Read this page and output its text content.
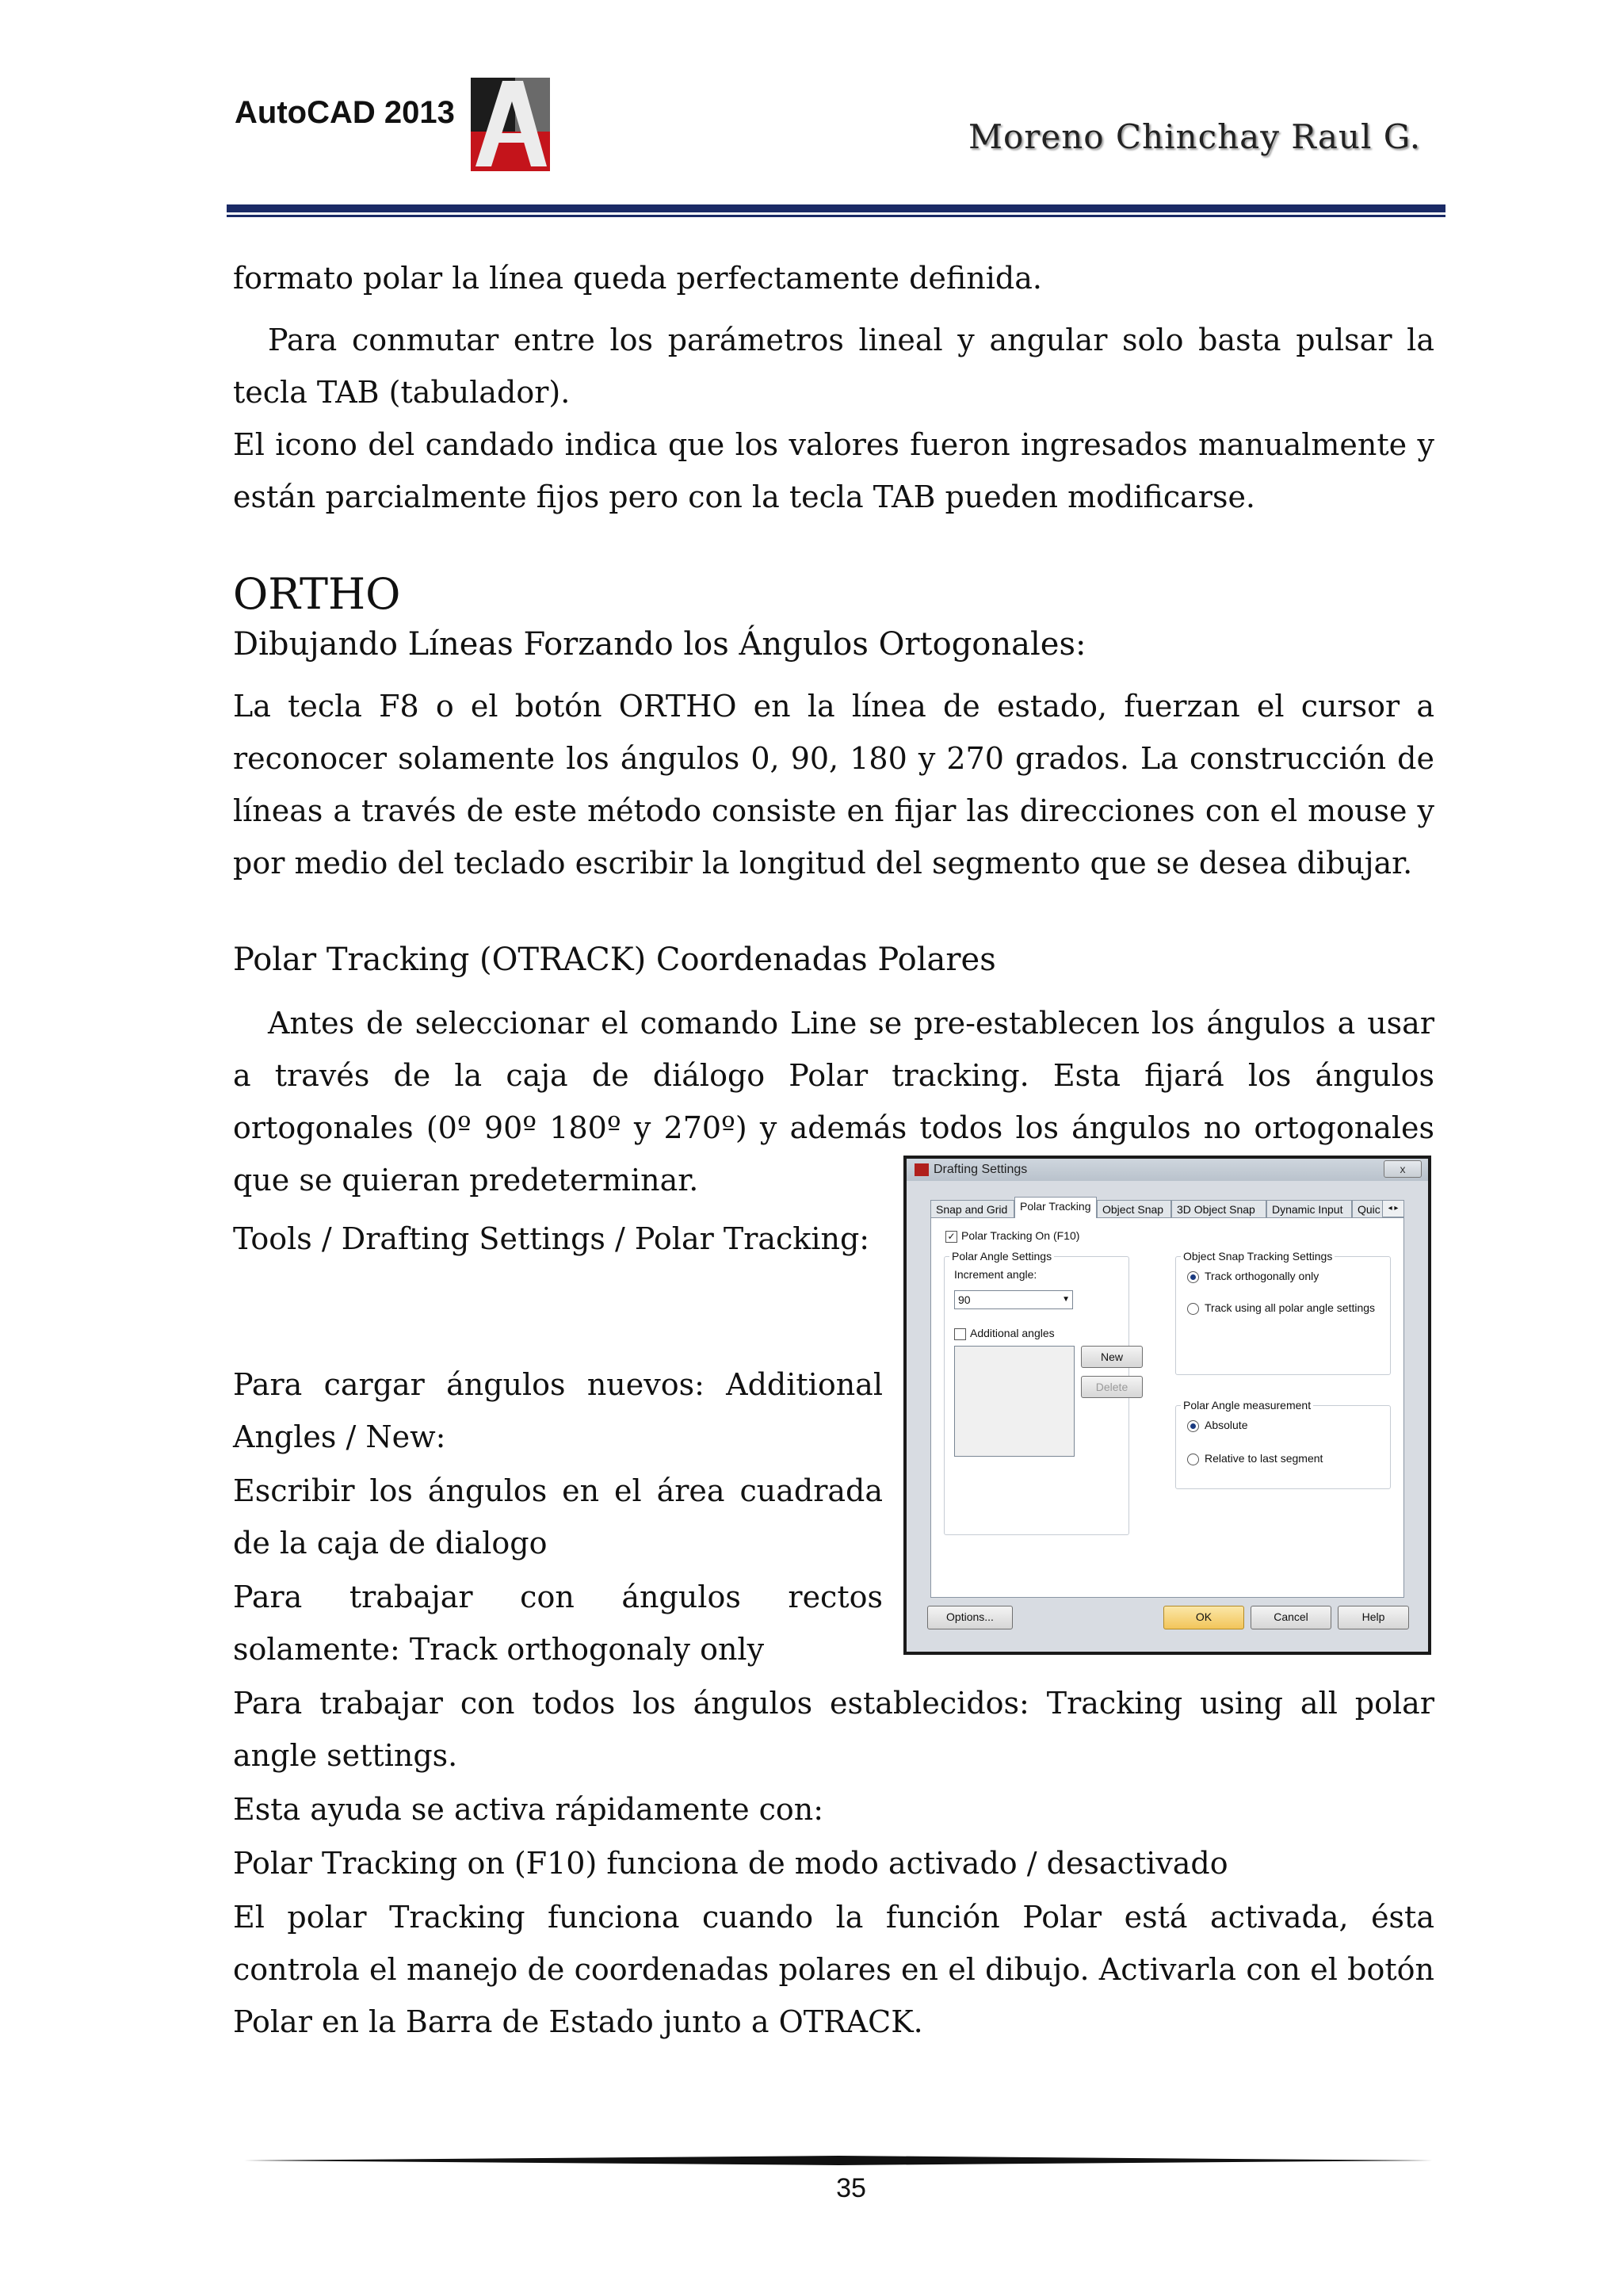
AutoCAD 2013
Moreno Chinchay Raul G.

formato polar la línea queda perfectamente definida.

Para conmutar entre los parámetros lineal y angular solo basta pulsar la tecla TAB (tabulador).

El icono del candado indica que los valores fueron ingresados manualmente y están parcialmente fijos pero con la tecla TAB pueden modificarse.

ORTHO
Dibujando Líneas Forzando los Ángulos Ortogonales:

La tecla F8 o el botón ORTHO en la línea de estado, fuerzan el cursor a reconocer solamente los ángulos 0, 90, 180 y 270 grados. La construcción de líneas a través de este método consiste en fijar las direcciones con el mouse y por medio del teclado escribir la longitud del segmento que se desea dibujar.

Polar Tracking (OTRACK) Coordenadas Polares

Antes de seleccionar el comando Line se pre-establecen los ángulos a usar a través de la caja de diálogo Polar tracking. Esta fijará los ángulos ortogonales (0º 90º 180º y 270º) y además todos los ángulos no ortogonales que se quieran predeterminar.

Tools / Drafting Settings / Polar Tracking:

Para cargar ángulos nuevos: Additional Angles / New:

Escribir los ángulos en el área cuadrada de la caja de dialogo

Para trabajar con ángulos rectos solamente: Track orthogonaly only

Para trabajar con todos los ángulos establecidos: Tracking using all polar angle settings.

Esta ayuda se activa rápidamente con:

Polar Tracking on (F10) funciona de modo activado / desactivado

El polar Tracking funciona cuando la función Polar está activada, ésta controla el manejo de coordenadas polares en el dibujo. Activarla con el botón Polar en la Barra de Estado junto a OTRACK.

Drafting Settings	x
Snap and Grid	Polar Tracking	Object Snap	3D Object Snap	Dynamic Input	Quic ◂ ▸
✓ Polar Tracking On (F10)
Polar Angle Settings
Increment angle:
90	▼
Additional angles
New
Delete
Object Snap Tracking Settings
Track orthogonally only
Track using all polar angle settings
Polar Angle measurement
Absolute
Relative to last segment
Options...	OK	Cancel	Help
35
